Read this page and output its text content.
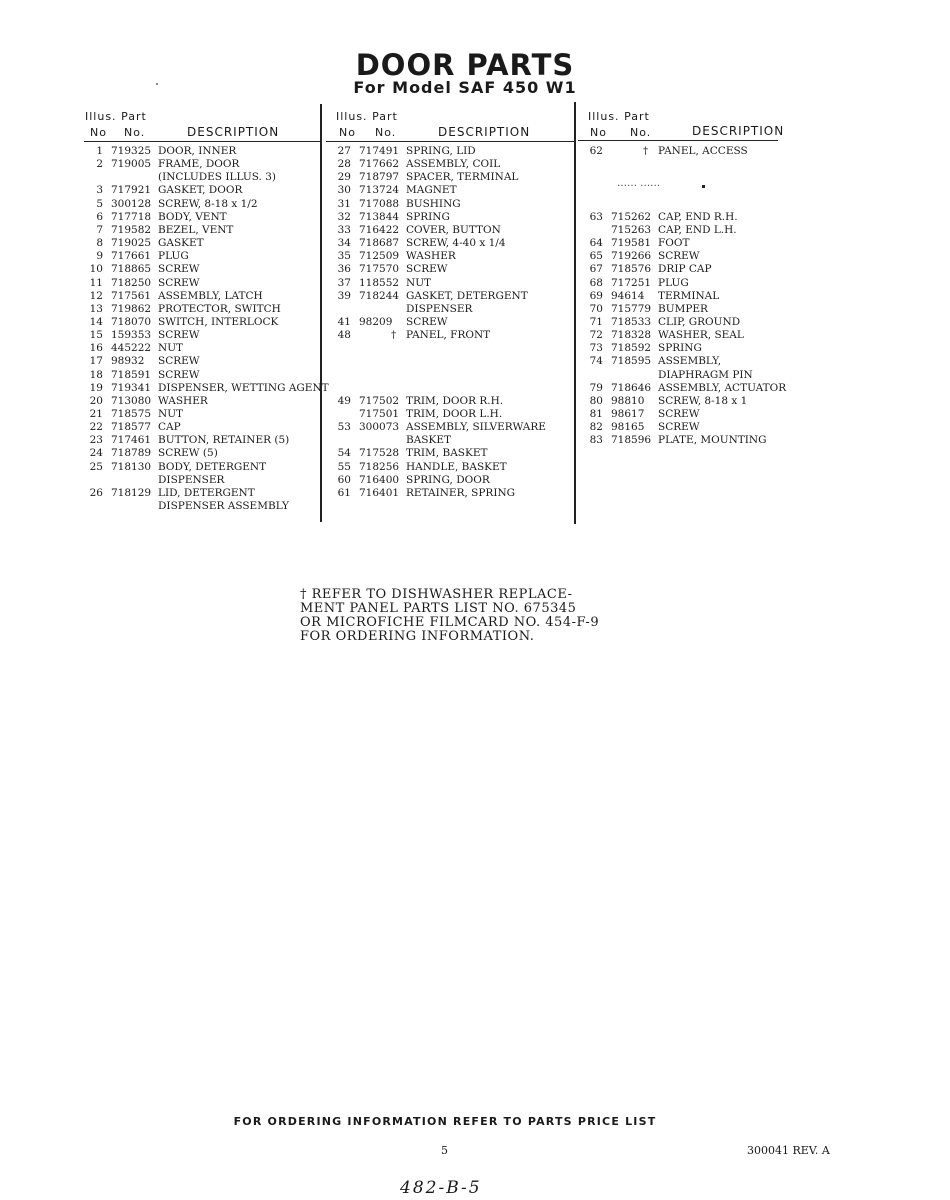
DOOR PARTS
For Model SAF 450 W1
Illus. Part
No No.	DESCRIPTION
Illus. Part
No No.	DESCRIPTION
Illus. Part
No No.	DESCRIPTION
…… ……
1 719325 DOOR, INNER
2 719005 FRAME, DOOR
(INCLUDES ILLUS. 3)
3 717921 GASKET, DOOR
5 300128 SCREW, 8-18 x 1/2
6 717718 BODY, VENT
7 719582 BEZEL, VENT
8 719025 GASKET
9 717661 PLUG
10 718865 SCREW
11 718250 SCREW
12 717561 ASSEMBLY, LATCH
13 719862 PROTECTOR, SWITCH
14 718070 SWITCH, INTERLOCK
15 159353 SCREW
16 445222 NUT
17 98932 SCREW
18 718591 SCREW
19 719341 DISPENSER, WETTING AGENT
20 713080 WASHER
21 718575 NUT
22 718577 CAP
23 717461 BUTTON, RETAINER (5)
24 718789 SCREW (5)
25 718130 BODY, DETERGENT
DISPENSER
26 718129 LID, DETERGENT
DISPENSER ASSEMBLY
27 717491 SPRING, LID
28 717662 ASSEMBLY, COIL
29 718797 SPACER, TERMINAL
30 713724 MAGNET
31 717088 BUSHING
32 713844 SPRING
33 716422 COVER, BUTTON
34 718687 SCREW, 4-40 x 1/4
35 712509 WASHER
36 717570 SCREW
37 118552 NUT
39 718244 GASKET, DETERGENT
DISPENSER
41 98209 SCREW
48	† PANEL, FRONT
49 717502 TRIM, DOOR R.H.
717501 TRIM, DOOR L.H.
53 300073 ASSEMBLY, SILVERWARE
BASKET
54 717528 TRIM, BASKET
55 718256 HANDLE, BASKET
60 716400 SPRING, DOOR
61 716401 RETAINER, SPRING
62	† PANEL, ACCESS
63 715262 CAP, END R.H.
715263 CAP, END L.H.
64 719581 FOOT
65 719266 SCREW
67 718576 DRIP CAP
68 717251 PLUG
69 94614 TERMINAL
70 715779 BUMPER
71 718533 CLIP, GROUND
72 718328 WASHER, SEAL
73 718592 SPRING
74 718595 ASSEMBLY,
DIAPHRAGM PIN
79 718646 ASSEMBLY, ACTUATOR
80 98810 SCREW, 8-18 x 1
81 98617 SCREW
82 98165 SCREW
83 718596 PLATE, MOUNTING
† REFER TO DISHWASHER REPLACE-
MENT PANEL PARTS LIST NO. 675345
OR MICROFICHE FILMCARD NO. 454-F-9
FOR ORDERING INFORMATION.
FOR ORDERING INFORMATION REFER TO PARTS PRICE LIST
5	300041 REV. A
482-B-5
